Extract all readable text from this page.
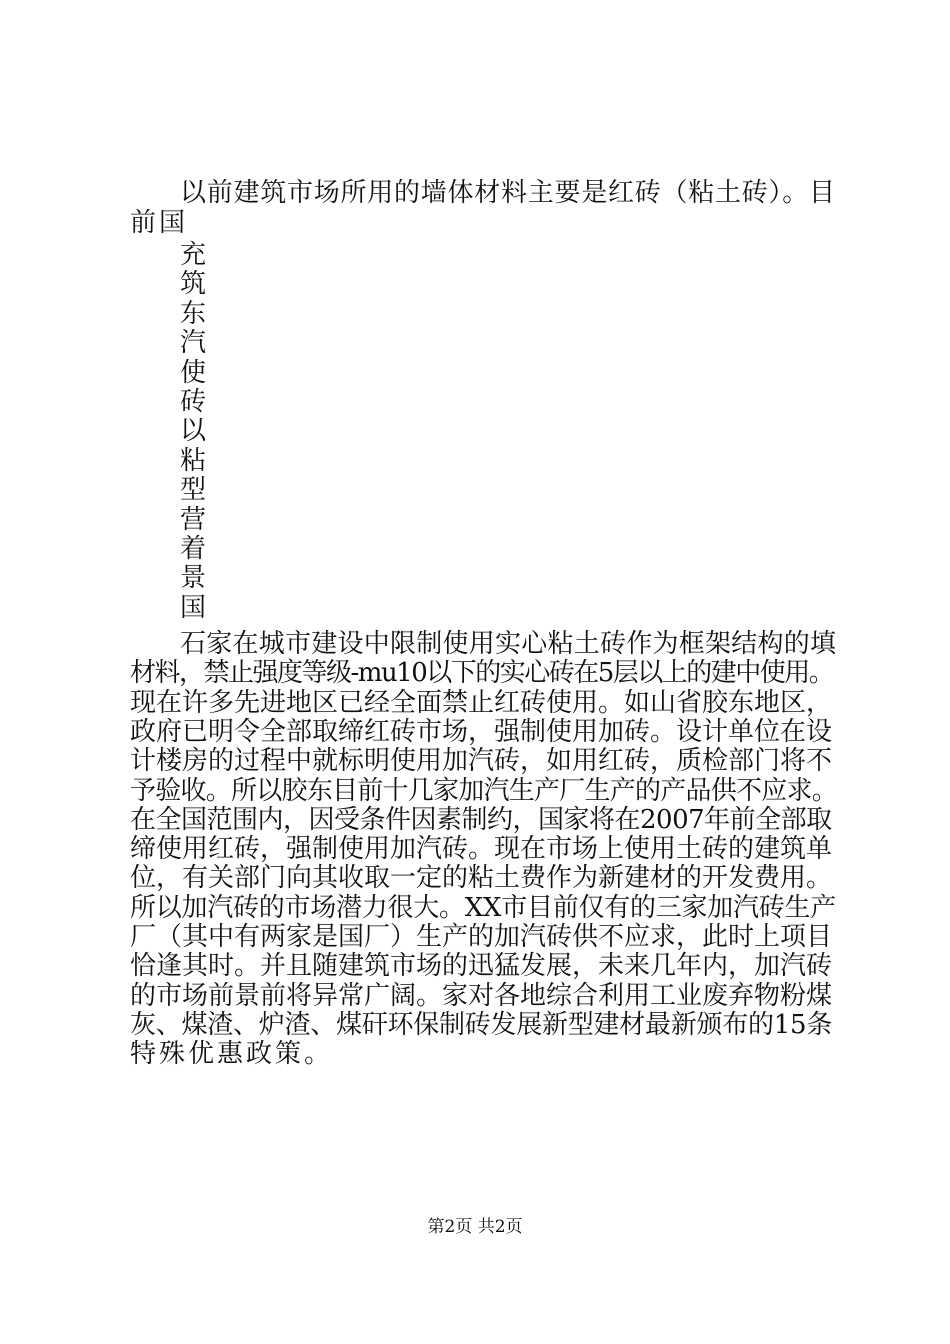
以前建筑市场所用的墙体材料主要是红砖（粘土砖）。目
前国
充
筑
东
汽
使
砖
以
粘
型
营
着
景
国
石家在城市建设中限制使用实心粘土砖作为框架结构的填
材料，禁止强度等级-mu10以下的实心砖在5层以上的建中使用。
现在许多先进地区已经全面禁止红砖使用。如山省胶东地区，
政府已明令全部取缔红砖市场，强制使用加砖。设计单位在设
计楼房的过程中就标明使用加汽砖，如用红砖，质检部门将不
予验收。所以胶东目前十几家加汽生产厂生产的产品供不应求。
在全国范围内，因受条件因素制约，国家将在2007年前全部取
缔使用红砖，强制使用加汽砖。现在市场上使用土砖的建筑单
位，有关部门向其收取一定的粘土费作为新建材的开发费用。
所以加汽砖的市场潜力很大。XX市目前仅有的三家加汽砖生产
厂（其中有两家是国厂）生产的加汽砖供不应求，此时上项目
恰逢其时。并且随建筑市场的迅猛发展，未来几年内，加汽砖
的市场前景前将异常广阔。家对各地综合利用工业废弃物粉煤
灰、煤渣、炉渣、煤矸环保制砖发展新型建材最新颁布的15条
特殊优惠政策。
第2页 共2页
